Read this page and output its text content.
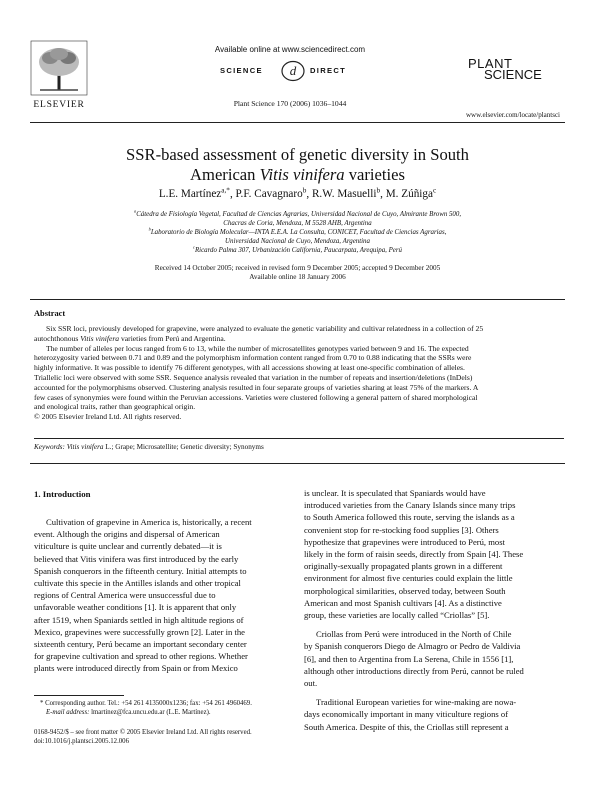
ELSEVIER
Available online at www.sciencedirect.com
SCIENCE d DIRECT
Plant Science 170 (2006) 1036–1044
PLANT
SCIENCE
www.elsevier.com/locate/plantsci
SSR-based assessment of genetic diversity in South
American Vitis vinifera varieties
L.E. Martínez$^{a,*}$, P.F. Cavagnaro$^b$, R.W. Masuelli$^b$, M. Zúñiga$^c$
$^a$Cátedra de Fisiología Vegetal, Facultad de Ciencias Agrarias, Universidad Nacional de Cuyo, Almirante Brown 500,
Chacras de Coria, Mendoza, M 5528 AHB, Argentina
$^b$Laboratorio de Biología Molecular—INTA E.E.A. La Consulta, CONICET, Facultad de Ciencias Agrarias,
Universidad Nacional de Cuyo, Mendoza, Argentina
$^c$Ricardo Palma 307, Urbanización California, Paucarpata, Arequipa, Perú
Received 14 October 2005; received in revised form 9 December 2005; accepted 9 December 2005
Available online 18 January 2006
Abstract
Six SSR loci, previously developed for grapevine, were analyzed to evaluate the genetic variability and cultivar relatedness in a collection of 25
autochthonous Vitis vinifera varieties from Perú and Argentina.
The number of alleles per locus ranged from 6 to 13, while the number of microsatellites genotypes varied between 9 and 16. The expected
heterozygosity varied between 0.71 and 0.89 and the polymorphism information content ranged from 0.70 to 0.88 indicating that the SSRs were
highly informative. It was possible to identify 76 different genotypes, with all accessions showing at least one-specific combination of alleles.
Triallelic loci were observed with some SSR. Sequence analysis revealed that variation in the number of repeats and insertion/deletions (InDels)
accounted for the polymorphisms observed. Clustering analysis resulted in four separate groups of varieties sharing at least 75% of the markers. A
few cases of synonymies were found within the Peruvian accessions. Varieties were clustered following a general pattern of shared morphological
and enological traits, rather than geographical origin.
© 2005 Elsevier Ireland Ltd. All rights reserved.
Keywords: Vitis vinifera L.; Grape; Microsatellite; Genetic diversity; Synonyms
1. Introduction
Cultivation of grapevine in America is, historically, a recent
event. Although the origins and dispersal of American
viticulture is quite unclear and currently debated—it is
believed that Vitis vinifera was first introduced by the early
Spanish conquerors in the fifteenth century. Initial attempts to
cultivate this specie in the Antilles islands and other tropical
regions of Central America were unsuccessful due to
unfavorable weather conditions [1]. It is apparent that only
after 1519, when Spaniards settled in high altitude regions of
Mexico, grapevines were successfully grown [2]. Later in the
sixteenth century, Perú became an important secondary center
for grapevine cultivation and spread to other regions. Whether
plants were introduced directly from Spain or from Mexico
is unclear. It is speculated that Spaniards would have
introduced varieties from the Canary Islands since many trips
to South America followed this route, serving the islands as a
convenient stop for re-stocking food supplies [3]. Others
hypothesize that grapevines were introduced to Perú, most
likely in the form of raisin seeds, directly from Spain [4]. These
originally-sexually propagated plants grown in a different
environment for almost five centuries could explain the little
morphological similarities, observed today, between South
American and most Spanish cultivars [4]. As a distinctive
group, these varieties are locally called “Criollas” [5].
Criollas from Perú were introduced in the North of Chile
by Spanish conquerors Diego de Almagro or Pedro de Valdivia
[6], and then to Argentina from La Serena, Chile in 1556 [1],
although other introductions directly from Perú, cannot be ruled
out.
Traditional European varieties for wine-making are nowa-
days economically important in many viticulture regions of
South America. Despite of this, the Criollas still represent a
* Corresponding author. Tel.: +54 261 4135000x1236; fax: +54 261 4960469.
E-mail address: lmartinez@fca.uncu.edu.ar (L.E. Martínez).
0168-9452/$ – see front matter © 2005 Elsevier Ireland Ltd. All rights reserved.
doi:10.1016/j.plantsci.2005.12.006
